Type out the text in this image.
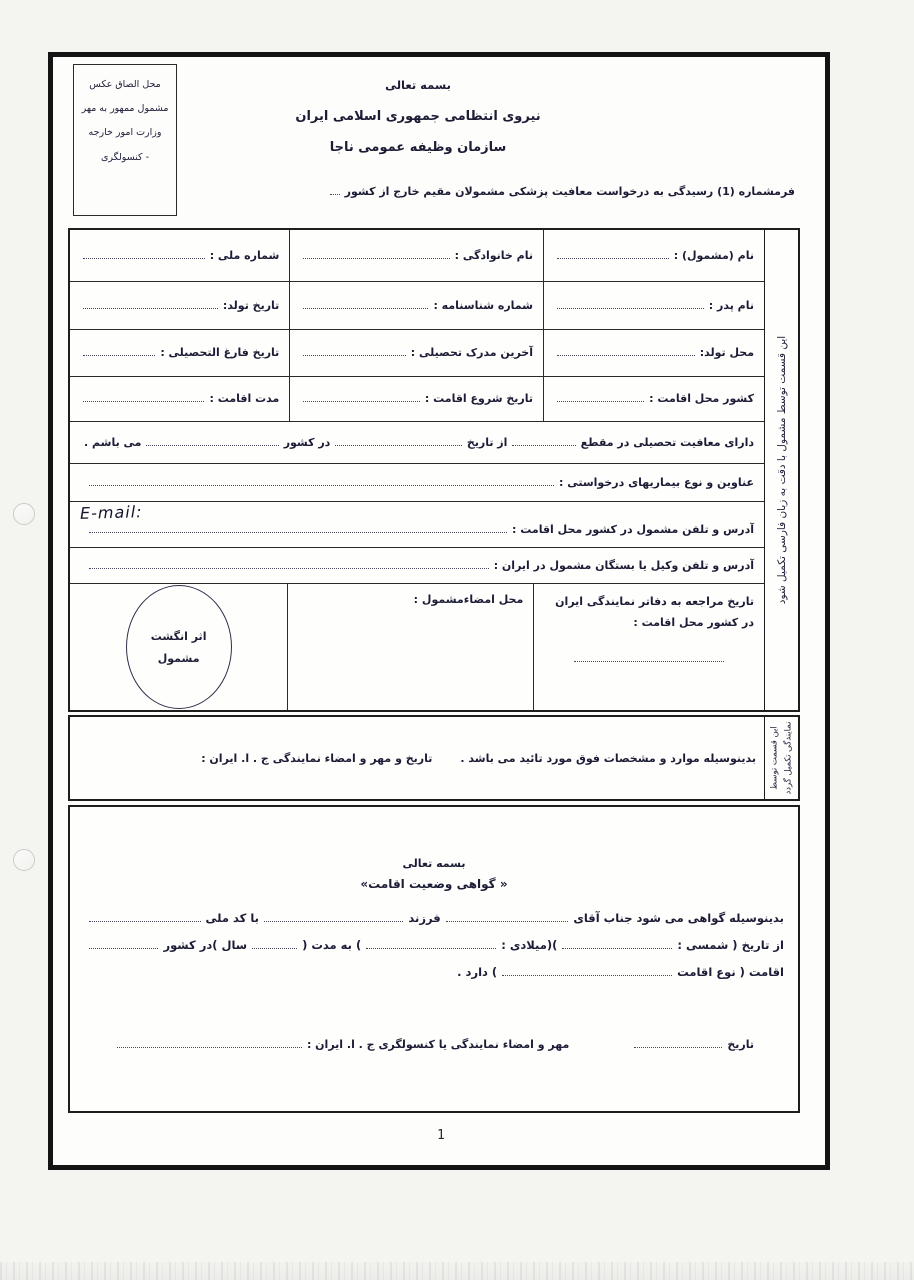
محل الصاق عکس
مشمول ممهور به مهر
وزارت امور خارجه
- کنسولگری
بسمه تعالی
نیروی انتظامی جمهوری اسلامی ایران
سازمان وظیفه عمومی ناجا
فرمشماره (1) رسیدگی به درخواست معافیت پزشکی مشمولان مقیم خارج از کشور
نام (مشمول) :
نام خانوادگی :
شماره ملی :
نام پدر :
شماره شناسنامه :
تاریخ تولد:
محل تولد:
آخرین مدرک تحصیلی :
تاریخ فارغ التحصیلی :
کشور محل اقامت :
تاریخ شروع اقامت :
مدت اقامت :
دارای معافیت تحصیلی در مقطع
از تاریخ
در کشور
می باشم .
عناوین و نوع بیماریهای درخواستی :
E-mail:
آدرس و تلفن مشمول در کشور محل اقامت :
آدرس و تلفن وکیل یا بستگان مشمول در ایران :
اثر انگشت
مشمول
محل امضاءمشمول :	تاریخ مراجعه به دفاتر نمایندگی ایران در کشور محل اقامت :
این قسمت توسط مشمول با دقت به زبان فارسی تکمیل شود
بدینوسیله موارد و مشخصات فوق مورد تائید می باشد .
تاریخ و مهر و امضاء نمایندگی ج . ا. ایران :	این قسمت توسط نمایندگی تکمیل گردد
بسمه تعالی
« گواهی وضعیت اقامت»
بدینوسیله گواهی می شود جناب آقای
فرزند
با کد ملی
از تاریخ ( شمسی :
)(میلادی :
) به مدت (
سال )در کشور
اقامت ( نوع اقامت
) دارد .
تاریخ
مهر و امضاء نمایندگی یا کنسولگری ج . ا. ایران :
1
